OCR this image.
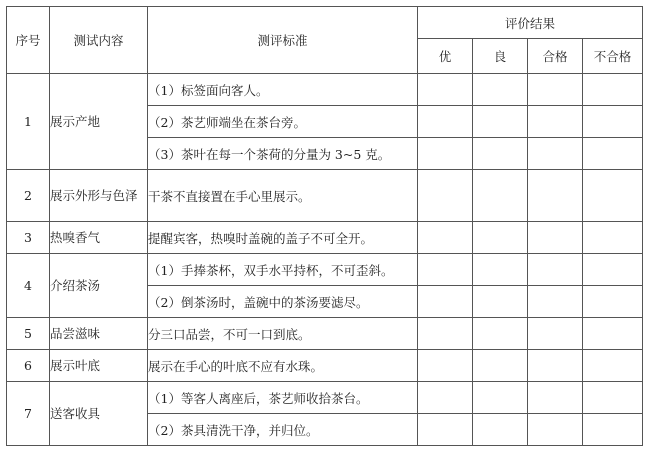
序号	测试内容	测评标准	评价结果			
			优	良	合格	不合格
1	展示产地	（1）标签面向客人。				
		（2）茶艺师端坐在茶台旁。				
		（3）茶叶在每一个茶荷的分量为 3~5 克。				
2	展示外形与色泽	干茶不直接置在手心里展示。				
3	热嗅香气	提醒宾客，热嗅时盖碗的盖子不可全开。				
4	介绍茶汤	（1）手捧茶杯，双手水平持杯，不可歪斜。				
		（2）倒茶汤时，盖碗中的茶汤要滤尽。				
5	品尝滋味	分三口品尝，不可一口到底。				
6	展示叶底	展示在手心的叶底不应有水珠。				
7	送客收具	（1）等客人离座后，茶艺师收拾茶台。				
		（2）茶具清洗干净，并归位。				
